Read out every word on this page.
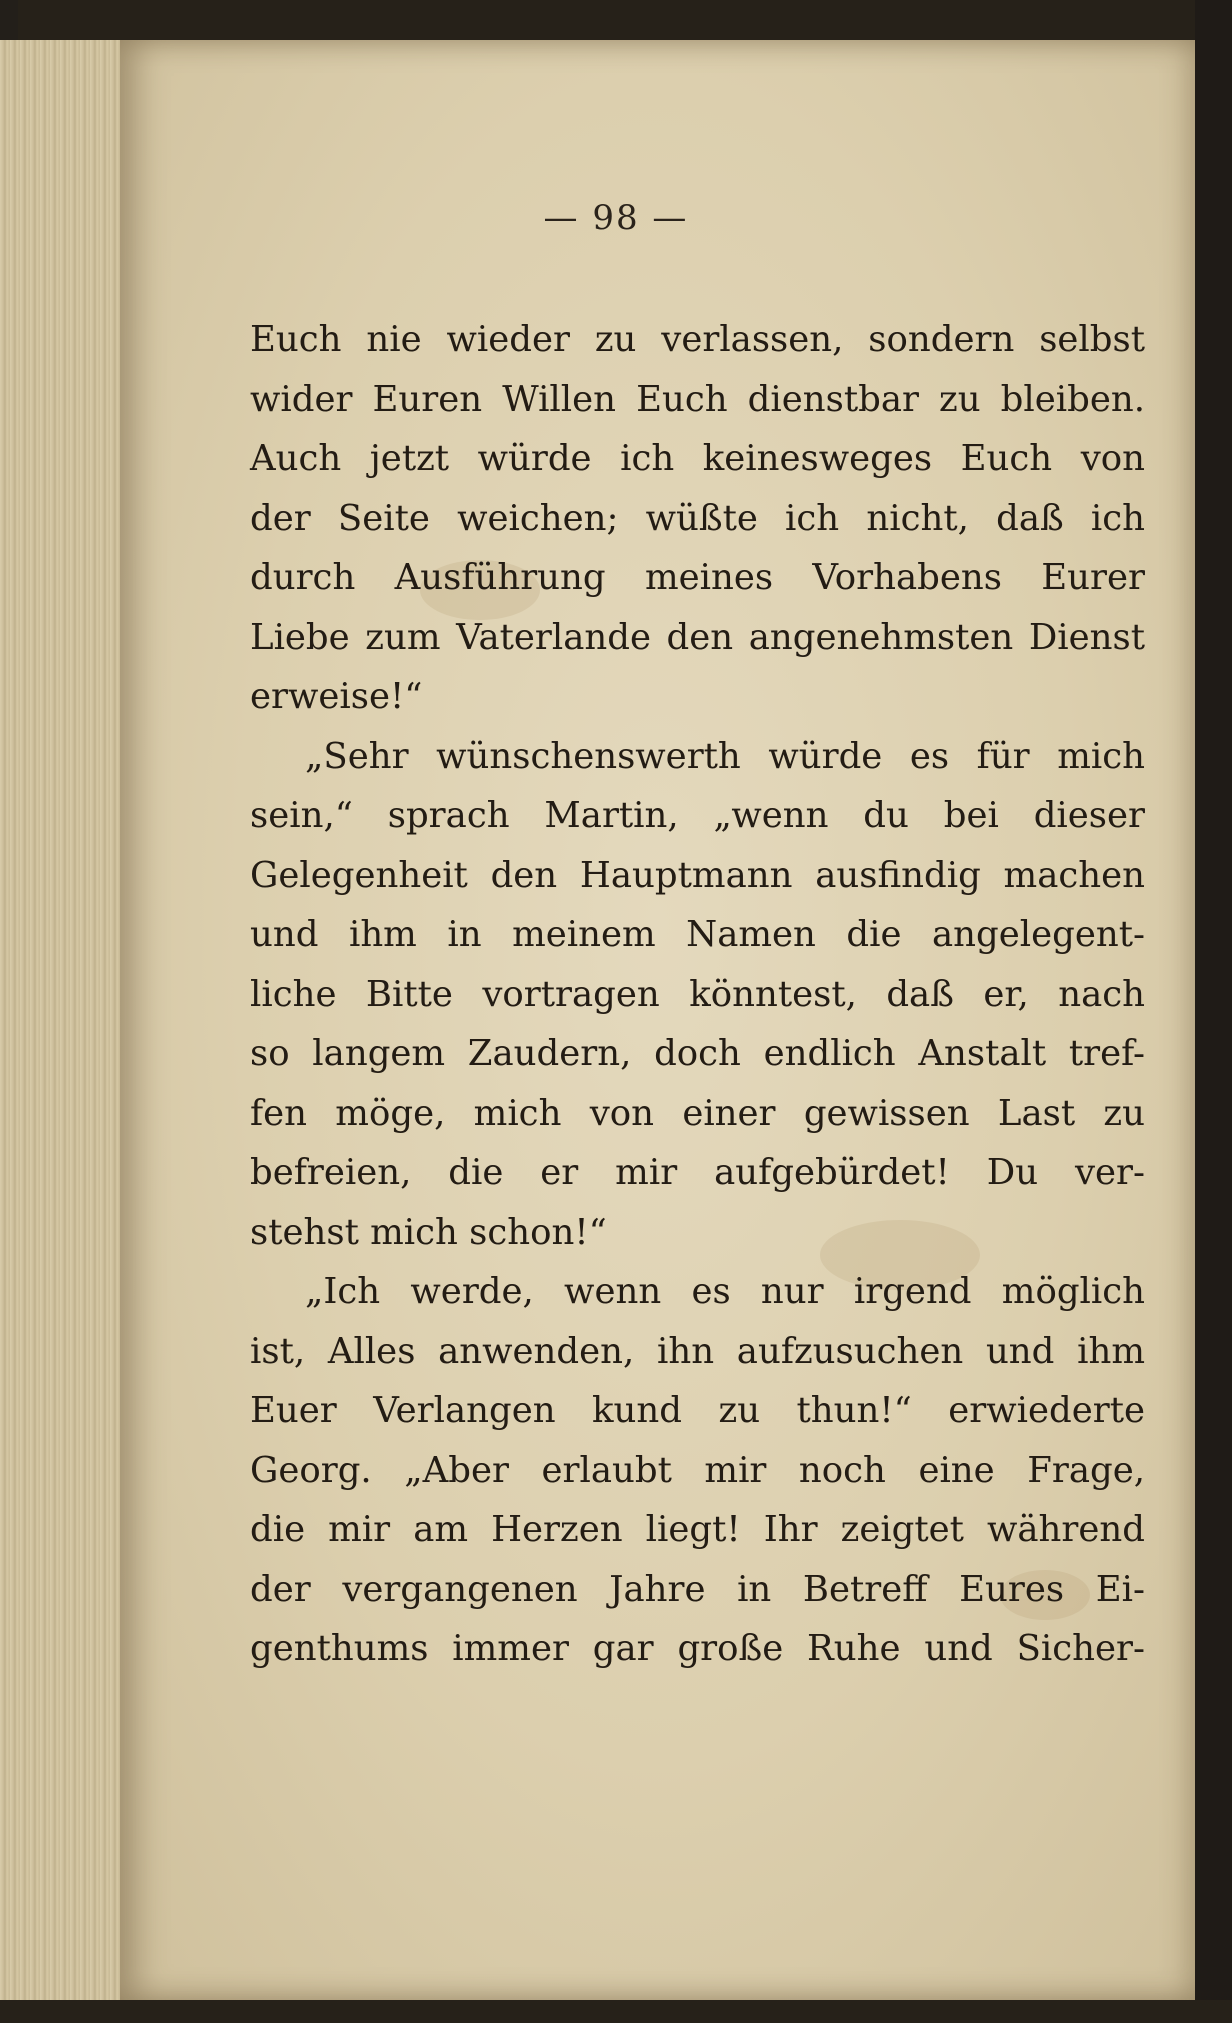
— 98 —
Euch nie wieder zu verlassen, sondern selbst
wider Euren Willen Euch dienstbar zu bleiben.
Auch jetzt würde ich keinesweges Euch von
der Seite weichen; wüßte ich nicht, daß ich
durch Ausführung meines Vorhabens Eurer
Liebe zum Vaterlande den angenehmsten Dienst
erweise!“
„Sehr wünschenswerth würde es für mich
sein,“ sprach Martin, „wenn du bei dieser
Gelegenheit den Hauptmann ausfindig machen
und ihm in meinem Namen die angelegent-
liche Bitte vortragen könntest, daß er, nach
so langem Zaudern, doch endlich Anstalt tref-
fen möge, mich von einer gewissen Last zu
befreien, die er mir aufgebürdet! Du ver-
stehst mich schon!“
„Ich werde, wenn es nur irgend möglich
ist, Alles anwenden, ihn aufzusuchen und ihm
Euer Verlangen kund zu thun!“ erwiederte
Georg. „Aber erlaubt mir noch eine Frage,
die mir am Herzen liegt! Ihr zeigtet während
der vergangenen Jahre in Betreff Eures Ei-
genthums immer gar große Ruhe und Sicher-
